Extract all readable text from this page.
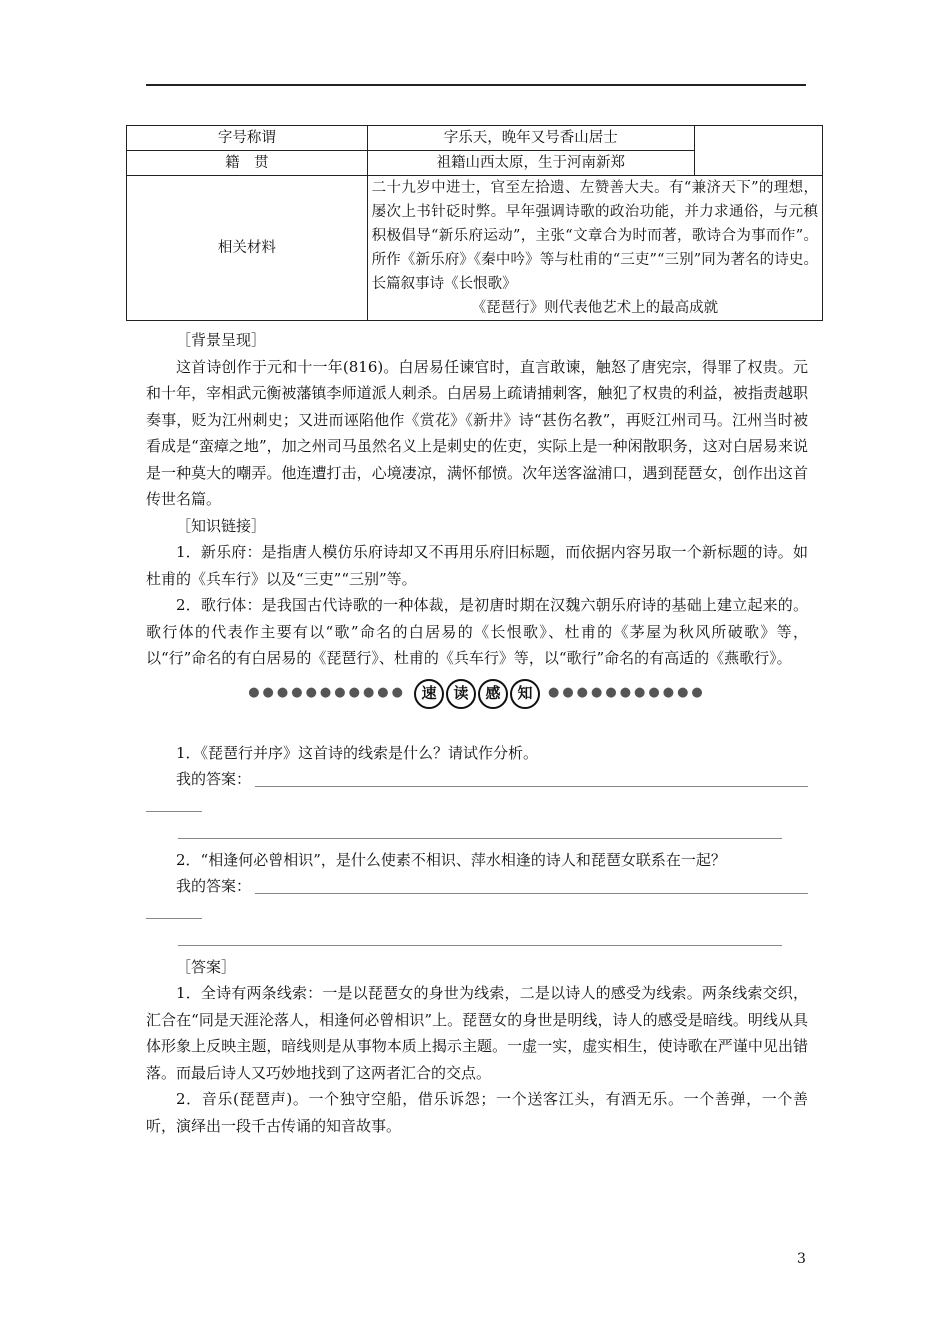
字号称谓	字乐天，晚年又号香山居士	
籍　贯	祖籍山西太原，生于河南新郑	
相关材料	二十九岁中进士，官至左拾遗、左赞善大夫。有“兼济天下”的理想，屡次上书针砭时弊。早年强调诗歌的政治功能，并力求通俗，与元稹积极倡导“新乐府运动”，主张“文章合为时而著，歌诗合为事而作”。所作《新乐府》《秦中吟》等与杜甫的“三吏”“三别”同为著名的诗史。长篇叙事诗《长恨歌》
《琵琶行》则代表他艺术上的最高成就	

［背景呈现］

这首诗创作于元和十一年(816)。白居易任谏官时，直言敢谏，触怒了唐宪宗，得罪了权贵。元和十年，宰相武元衡被藩镇李师道派人刺杀。白居易上疏请捕刺客，触犯了权贵的利益，被指责越职奏事，贬为江州刺史；又进而诬陷他作《赏花》《新井》诗“甚伤名教”，再贬江州司马。江州当时被看成是“蛮瘴之地”，加之州司马虽然名义上是刺史的佐吏，实际上是一种闲散职务，这对白居易来说是一种莫大的嘲弄。他连遭打击，心境凄凉，满怀郁愤。次年送客湓浦口，遇到琵琶女，创作出这首传世名篇。

［知识链接］

1．新乐府：是指唐人模仿乐府诗却又不再用乐府旧标题，而依据内容另取一个新标题的诗。如杜甫的《兵车行》以及“三吏”“三别”等。

2．歌行体：是我国古代诗歌的一种体裁，是初唐时期在汉魏六朝乐府诗的基础上建立起来的。歌行体的代表作主要有以“歌”命名的白居易的《长恨歌》、杜甫的《茅屋为秋风所破歌》等，以“行”命名的有白居易的《琵琶行》、杜甫的《兵车行》等，以“歌行”命名的有高适的《燕歌行》。

●●●●●●●●●●●	速	读	感	知	●●●●●●●●●●●

1．《琵琶行并序》这首诗的线索是什么？请试作分析。

我的答案：

2．“相逢何必曾相识”，是什么使素不相识、萍水相逢的诗人和琵琶女联系在一起？

我的答案：

［答案］

1．全诗有两条线索：一是以琵琶女的身世为线索，二是以诗人的感受为线索。两条线索交织，汇合在“同是天涯沦落人，相逢何必曾相识”上。琵琶女的身世是明线，诗人的感受是暗线。明线从具体形象上反映主题，暗线则是从事物本质上揭示主题。一虚一实，虚实相生，使诗歌在严谨中见出错落。而最后诗人又巧妙地找到了这两者汇合的交点。

2．音乐(琵琶声)。一个独守空船，借乐诉怨；一个送客江头，有酒无乐。一个善弹，一个善听，演绎出一段千古传诵的知音故事。

3
